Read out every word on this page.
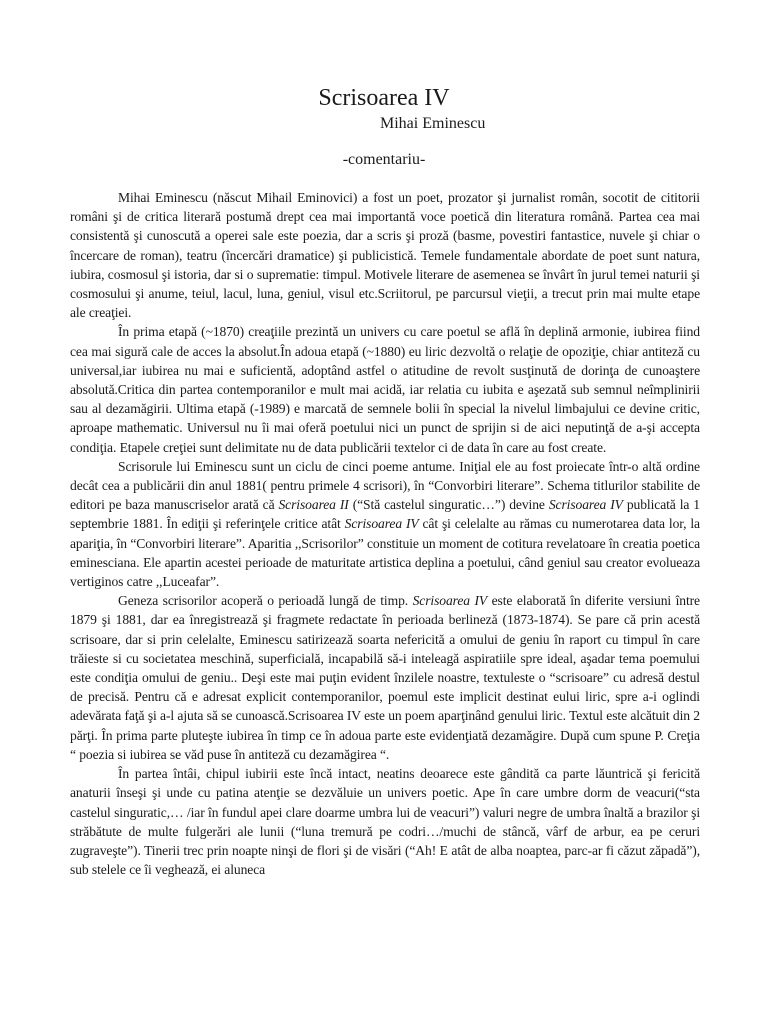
Scrisoarea IV
Mihai Eminescu
-comentariu-

Mihai Eminescu (născut Mihail Eminovici) a fost un poet, prozator şi jurnalist român, socotit de cititorii români şi de critica literară postumă drept cea mai importantă voce poetică din literatura română. Partea cea mai consistentă şi cunoscută a operei sale este poezia, dar a scris şi proză (basme, povestiri fantastice, nuvele şi chiar o încercare de roman), teatru (încercări dramatice) şi publicistică. Temele fundamentale abordate de poet sunt natura, iubira, cosmosul şi istoria, dar si o suprematie: timpul. Motivele literare de asemenea se învârt în jurul temei naturii şi cosmosului şi anume, teiul, lacul, luna, geniul, visul etc.Scriitorul, pe parcursul vieţii, a trecut prin mai multe etape ale creaţiei.

În prima etapă (~1870) creaţiile prezintă un univers cu care poetul se află în deplină armonie, iubirea fiind cea mai sigură cale de acces la absolut.În adoua etapă (~1880) eu liric dezvoltă o relaţie de opoziţie, chiar antiteză cu universal,iar iubirea nu mai e suficientă, adoptând astfel o atitudine de revolt susţinută de dorinţa de cunoaştere absolută.Critica din partea contemporanilor e mult mai acidă, iar relatia cu iubita e aşezată sub semnul neîmplinirii sau al dezamăgirii. Ultima etapă (-1989) e marcată de semnele bolii în special la nivelul limbajului ce devine critic, aproape mathematic. Universul nu îi mai oferă poetului nici un punct de sprijin si de aici neputinţă de a-şi accepta condiţia. Etapele creţiei sunt delimitate nu de data publicării textelor ci de data în care au fost create.

Scrisorule lui Eminescu sunt un ciclu de cinci poeme antume. Iniţial ele au fost proiecate într-o altă ordine decât cea a publicării din anul 1881( pentru primele 4 scrisori), în “Convorbiri literare”. Schema titlurilor stabilite de editori pe baza manuscriselor arată că Scrisoarea II (“Stă castelul singuratic…”) devine Scrisoarea IV publicată la 1 septembrie 1881. În ediţii şi referinţele critice atât Scrisoarea IV cât şi celelalte au rămas cu numerotarea data lor, la apariţia, în “Convorbiri literare”. Aparitia ,,Scrisorilor” constituie un moment de cotitura revelatoare în creatia poetica eminesciana. Ele apartin acestei perioade de maturitate artistica deplina a poetului, când geniul sau creator evolueaza vertiginos catre ,,Luceafar”.

Geneza scrisorilor acoperă o perioadă lungă de timp. Scrisoarea IV este elaborată în diferite versiuni între 1879 şi 1881, dar ea înregistrează şi fragmete redactate în perioada berlineză (1873-1874). Se pare că prin acestă scrisoare, dar si prin celelalte, Eminescu satirizează soarta nefericită a omului de geniu în raport cu timpul în care trăieste si cu societatea meschină, superficială, incapabilă să-i inteleagă aspiratiile spre ideal, aşadar tema poemului este condiţia omului de geniu.. Deşi este mai puţin evident înzilele noastre, textuleste o “scrisoare” cu adresă destul de precisă. Pentru că e adresat explicit contemporanilor, poemul este implicit destinat eului liric, spre a-i oglindi adevărata faţă şi a-l ajuta să se cunoască.Scrisoarea IV este un poem aparţinând genului liric. Textul este alcătuit din 2 părţi. În prima parte pluteşte iubirea în timp ce în adoua parte este evidenţiată dezamăgire. După cum spune P. Creţia “ poezia si iubirea se văd puse în antiteză cu dezamăgirea “.

În partea întâi, chipul iubirii este încă intact, neatins deoarece este gândită ca parte lăuntrică şi fericită anaturii înseşi şi unde cu patina atenţie se dezvăluie un univers poetic. Ape în care umbre dorm de veacuri(“sta castelul singuratic,… /iar în fundul apei clare doarme umbra lui de veacuri”) valuri negre de umbra înaltă a brazilor şi străbătute de multe fulgerări ale lunii (“luna tremură pe codri…/muchi de stâncă, vârf de arbur, ea pe ceruri zugraveşte”). Tinerii trec prin noapte ninşi de flori şi de visări (“Ah! E atât de alba noaptea, parc-ar fi căzut zăpadă”), sub stelele ce îi veghează, ei aluneca
